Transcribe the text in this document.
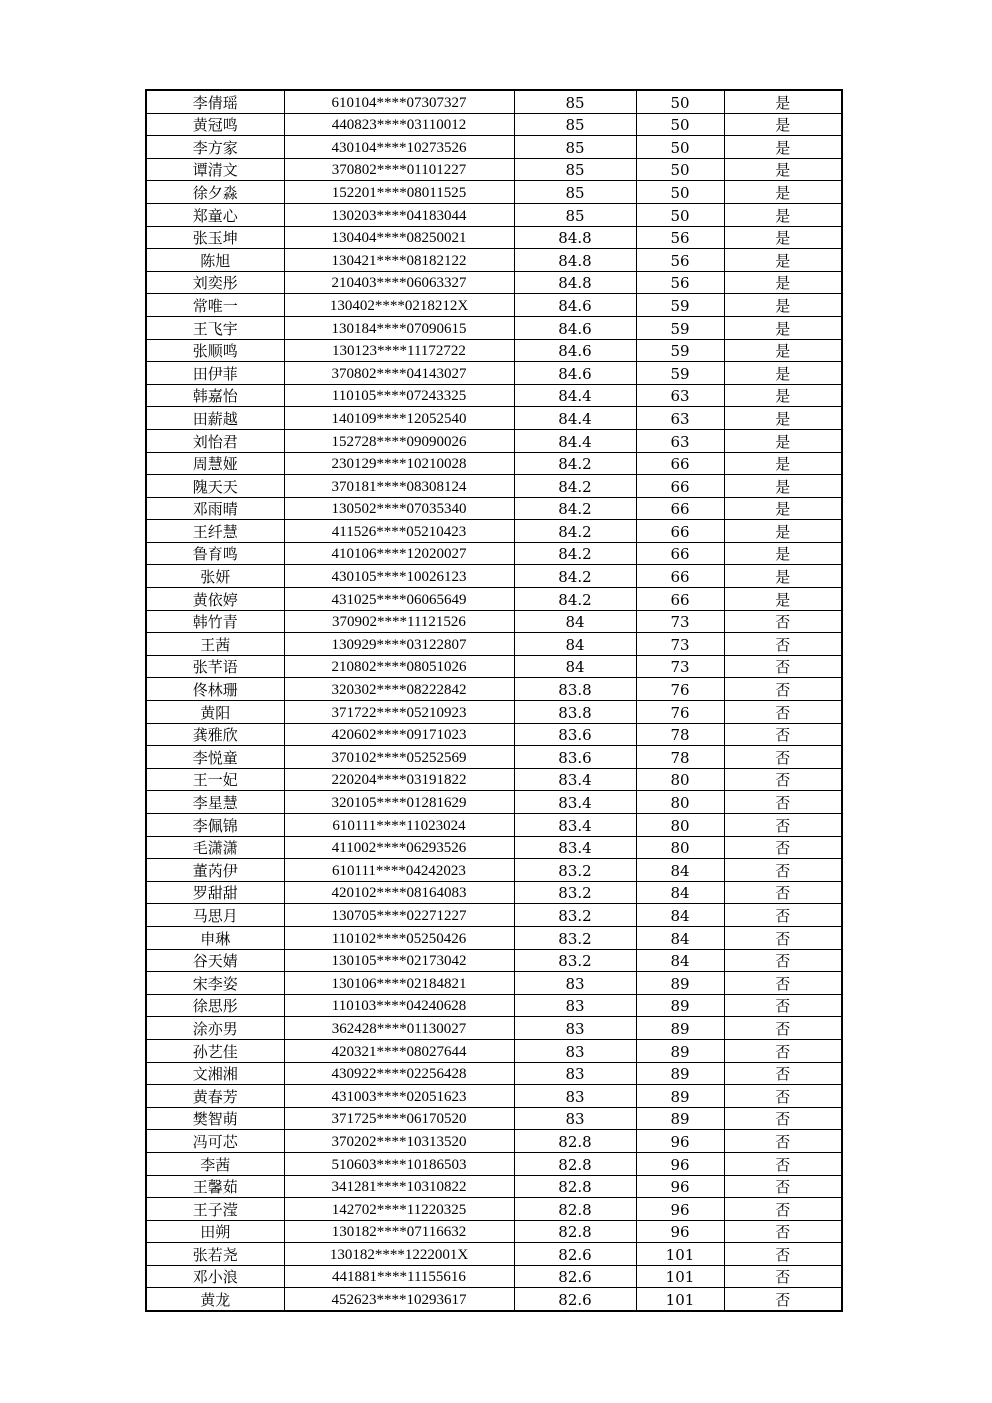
李倩瑶	610104****07307327	85	50	是
黄冠鸣	440823****03110012	85	50	是
李方家	430104****10273526	85	50	是
谭清文	370802****01101227	85	50	是
徐夕淼	152201****08011525	85	50	是
郑童心	130203****04183044	85	50	是
张玉坤	130404****08250021	84.8	56	是
陈旭	130421****08182122	84.8	56	是
刘奕彤	210403****06063327	84.8	56	是
常唯一	130402****0218212X	84.6	59	是
王飞宇	130184****07090615	84.6	59	是
张顺鸣	130123****11172722	84.6	59	是
田伊菲	370802****04143027	84.6	59	是
韩嘉怡	110105****07243325	84.4	63	是
田薪越	140109****12052540	84.4	63	是
刘怡君	152728****09090026	84.4	63	是
周慧娅	230129****10210028	84.2	66	是
隗天天	370181****08308124	84.2	66	是
邓雨晴	130502****07035340	84.2	66	是
王纤慧	411526****05210423	84.2	66	是
鲁育鸣	410106****12020027	84.2	66	是
张妍	430105****10026123	84.2	66	是
黄依婷	431025****06065649	84.2	66	是
韩竹青	370902****11121526	84	73	否
王茜	130929****03122807	84	73	否
张芊语	210802****08051026	84	73	否
佟林珊	320302****08222842	83.8	76	否
黄阳	371722****05210923	83.8	76	否
龚雅欣	420602****09171023	83.6	78	否
李悦童	370102****05252569	83.6	78	否
王一妃	220204****03191822	83.4	80	否
李星慧	320105****01281629	83.4	80	否
李佩锦	610111****11023024	83.4	80	否
毛潇潇	411002****06293526	83.4	80	否
董芮伊	610111****04242023	83.2	84	否
罗甜甜	420102****08164083	83.2	84	否
马思月	130705****02271227	83.2	84	否
申琳	110102****05250426	83.2	84	否
谷天婧	130105****02173042	83.2	84	否
宋李姿	130106****02184821	83	89	否
徐思彤	110103****04240628	83	89	否
涂亦男	362428****01130027	83	89	否
孙艺佳	420321****08027644	83	89	否
文湘湘	430922****02256428	83	89	否
黄春芳	431003****02051623	83	89	否
樊智萌	371725****06170520	83	89	否
冯可芯	370202****10313520	82.8	96	否
李茜	510603****10186503	82.8	96	否
王馨茹	341281****10310822	82.8	96	否
王子滢	142702****11220325	82.8	96	否
田朔	130182****07116632	82.8	96	否
张若尧	130182****1222001X	82.6	101	否
邓小浪	441881****11155616	82.6	101	否
黄龙	452623****10293617	82.6	101	否
